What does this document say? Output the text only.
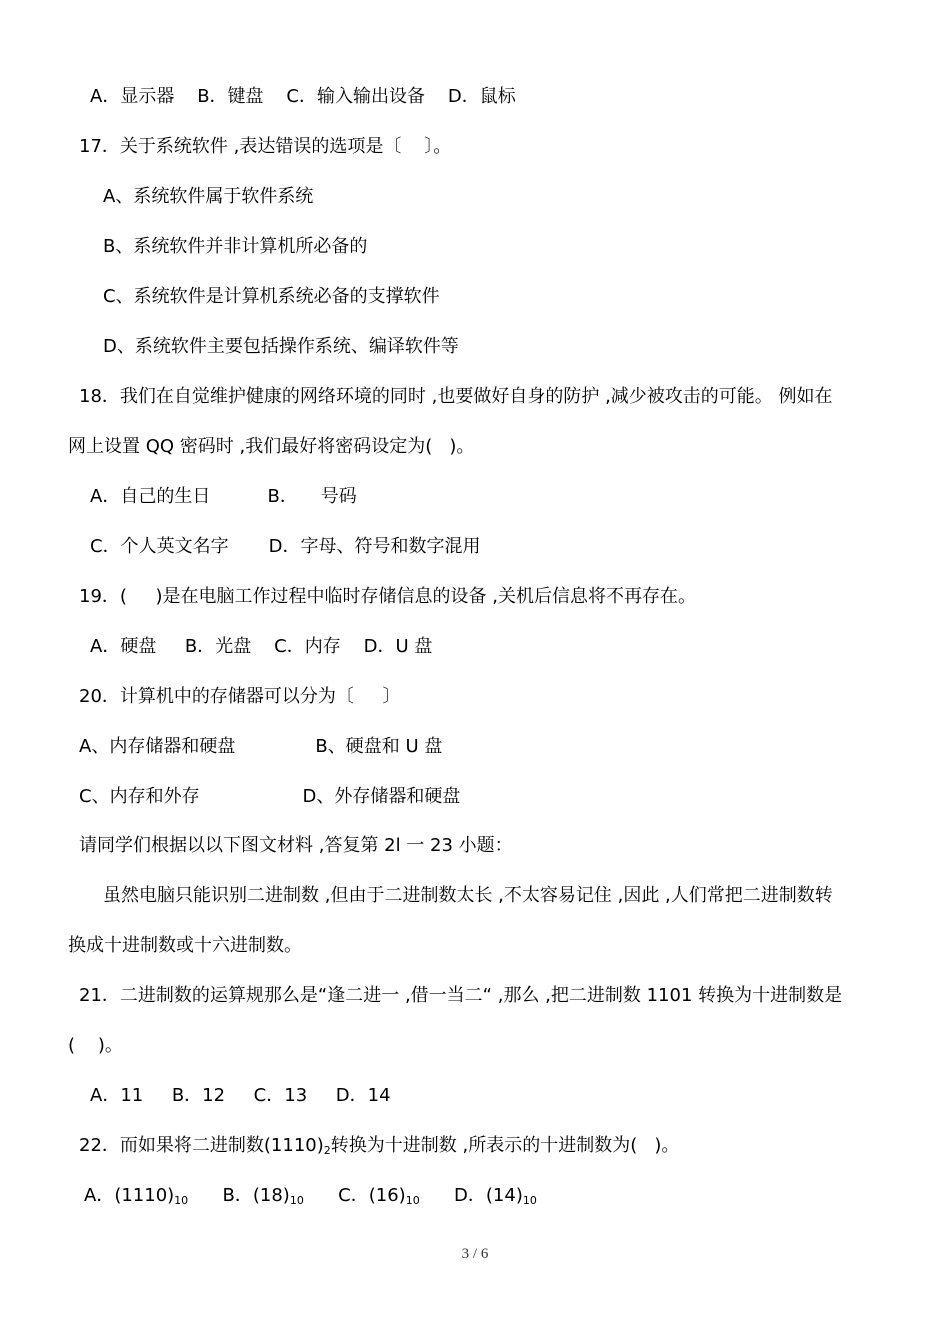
A．显示器    B．键盘    C．输入输出设备    D．鼠标
17．关于系统软件 ,表达错误的选项是〔    〕。
A、系统软件属于软件系统
B、系统软件并非计算机所必备的
C、系统软件是计算机系统必备的支撑软件
D、系统软件主要包括操作系统、编译软件等
18．我们在自觉维护健康的网络环境的同时 ,也要做好自身的防护 ,减少被攻击的可能。 例如在
网上设置 QQ 密码时 ,我们最好将密码设定为(   )。
A．自己的生日          B．    号码
C．个人英文名字       D．字母、符号和数字混用
19．(     )是在电脑工作过程中临时存储信息的设备 ,关机后信息将不再存在。
A．硬盘     B．光盘    C．内存    D．U 盘
20．计算机中的存储器可以分为〔     〕
A、内存储器和硬盘              B、硬盘和 U 盘
C、内存和外存                  D、外存储器和硬盘
请同学们根据以以下图文材料 ,答复第 2l 一 23 小题：
虽然电脑只能识别二进制数 ,但由于二进制数太长 ,不太容易记住 ,因此 ,人们常把二进制数转
换成十进制数或十六进制数。
21．二进制数的运算规那么是“逢二进一 ,借一当二“ ,那么 ,把二进制数 1101 转换为十进制数是
(    )。
A．11     B．12     C．13     D．14
22．而如果将二进制数$(1110)_2$转换为十进制数 ,所表示的十进制数为(   )。
A．$(1110)_{10}$ B．$(18)_{10}$ C．$(16)_{10}$ D．$(14)_{10}$
3 / 6
